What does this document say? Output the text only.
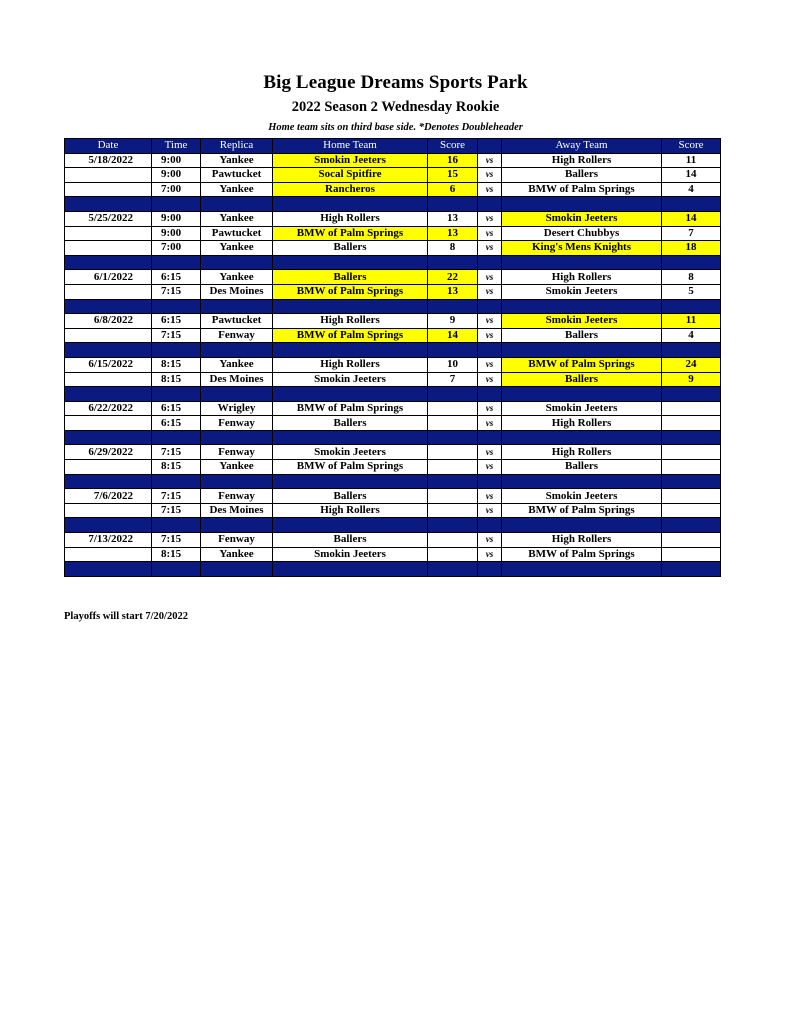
Big League Dreams Sports Park
2022 Season 2 Wednesday Rookie
Home team sits on third base side. *Denotes Doubleheader
Date	Time	Replica	Home Team	Score		Away Team	Score
5/18/2022	9:00	Yankee	Smokin Jeeters	16	vs	High Rollers	11
	9:00	Pawtucket	Socal Spitfire	15	vs	Ballers	14
	7:00	Yankee	Rancheros	6	vs	BMW of Palm Springs	4

5/25/2022	9:00	Yankee	High Rollers	13	vs	Smokin Jeeters	14
	9:00	Pawtucket	BMW of Palm Springs	13	vs	Desert Chubbys	7
	7:00	Yankee	Ballers	8	vs	King's Mens Knights	18

6/1/2022	6:15	Yankee	Ballers	22	vs	High Rollers	8
	7:15	Des Moines	BMW of Palm Springs	13	vs	Smokin Jeeters	5

6/8/2022	6:15	Pawtucket	High Rollers	9	vs	Smokin Jeeters	11
	7:15	Fenway	BMW of Palm Springs	14	vs	Ballers	4

6/15/2022	8:15	Yankee	High Rollers	10	vs	BMW of Palm Springs	24
	8:15	Des Moines	Smokin Jeeters	7	vs	Ballers	9

6/22/2022	6:15	Wrigley	BMW of Palm Springs		vs	Smokin Jeeters	
	6:15	Fenway	Ballers		vs	High Rollers	

6/29/2022	7:15	Fenway	Smokin Jeeters		vs	High Rollers	
	8:15	Yankee	BMW of Palm Springs		vs	Ballers	

7/6/2022	7:15	Fenway	Ballers		vs	Smokin Jeeters	
	7:15	Des Moines	High Rollers		vs	BMW of Palm Springs	

7/13/2022	7:15	Fenway	Ballers		vs	High Rollers	
	8:15	Yankee	Smokin Jeeters		vs	BMW of Palm Springs	

Playoffs will start 7/20/2022
